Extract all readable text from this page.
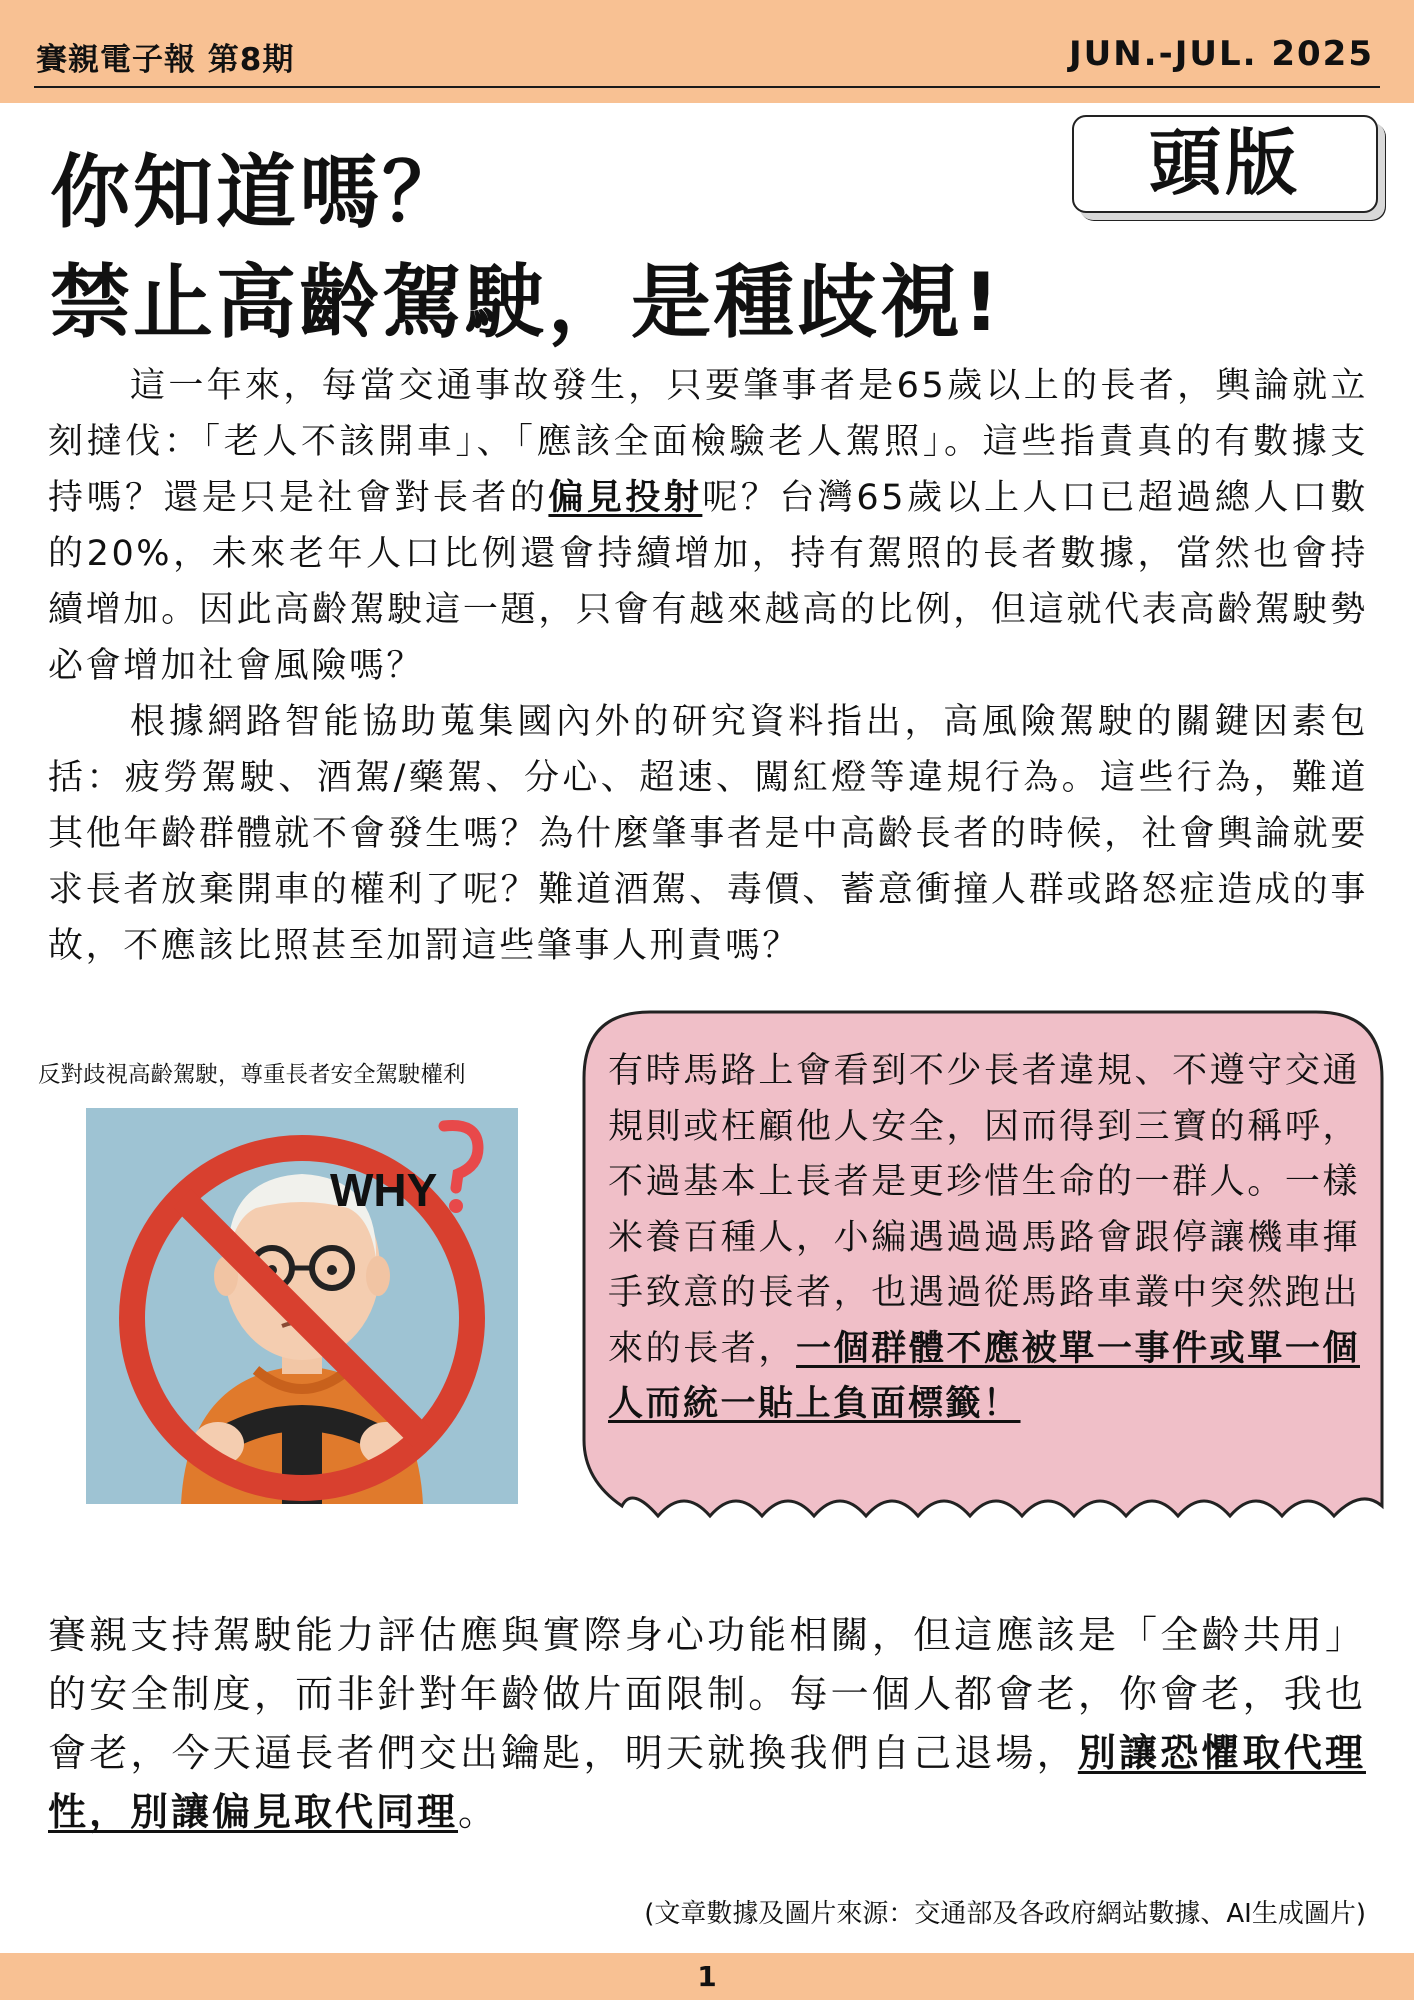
賽親電子報 第8期	JUN.-JUL. 2025
頭版
你知道嗎？
禁止高齡駕駛，是種歧視!

這一年來，每當交通事故發生，只要肇事者是65歲以上的長者，輿論就立刻撻伐：「老人不該開車」、「應該全面檢驗老人駕照」。這些指責真的有數據支持嗎？還是只是社會對長者的偏見投射呢？台灣65歲以上人口已超過總人口數的20%，未來老年人口比例還會持續增加，持有駕照的長者數據，當然也會持續增加。因此高齡駕駛這一題，只會有越來越高的比例，但這就代表高齡駕駛勢必會增加社會風險嗎？

根據網路智能協助蒐集國內外的研究資料指出，高風險駕駛的關鍵因素包括：疲勞駕駛、酒駕/藥駕、分心、超速、闖紅燈等違規行為。這些行為，難道其他年齡群體就不會發生嗎？為什麼肇事者是中高齡長者的時候，社會輿論就要求長者放棄開車的權利了呢？難道酒駕、毒價、蓄意衝撞人群或路怒症造成的事故，不應該比照甚至加罰這些肇事人刑責嗎？

反對歧視高齡駕駛，尊重長者安全駕駛權利
WHY
有時馬路上會看到不少長者違規、不遵守交通規則或枉顧他人安全，因而得到三寶的稱呼，不過基本上長者是更珍惜生命的一群人。一樣米養百種人，小編遇過過馬路會跟停讓機車揮手致意的長者，也遇過從馬路車叢中突然跑出來的長者，一個群體不應被單一事件或單一個人而統一貼上負面標籤！
賽親支持駕駛能力評估應與實際身心功能相關，但這應該是「全齡共用」的安全制度，而非針對年齡做片面限制。每一個人都會老，你會老，我也會老，今天逼長者們交出鑰匙，明天就換我們自己退場，別讓恐懼取代理性，別讓偏見取代同理。
(文章數據及圖片來源：交通部及各政府網站數據、AI生成圖片)
1
